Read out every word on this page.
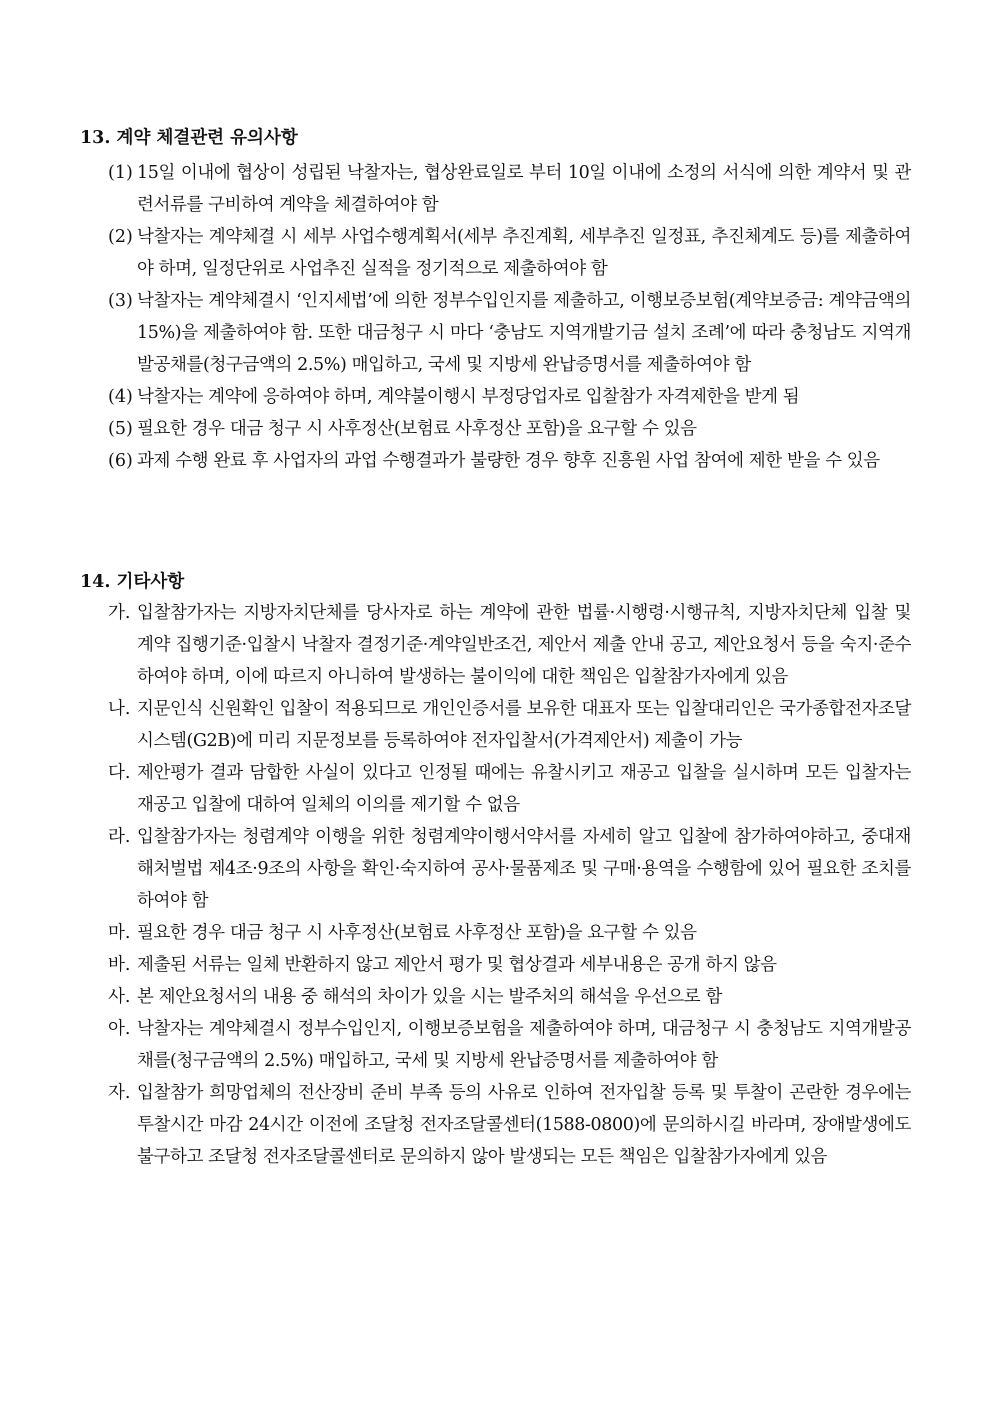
13. 계약 체결관련 유의사항

(1) 15일 이내에 협상이 성립된 낙찰자는, 협상완료일로 부터 10일 이내에 소정의 서식에 의한 계약서 및 관련서류를 구비하여 계약을 체결하여야 함
(2) 낙찰자는 계약체결 시 세부 사업수행계획서(세부 추진계획, 세부추진 일정표, 추진체계도 등)를 제출하여야 하며, 일정단위로 사업추진 실적을 정기적으로 제출하여야 함
(3) 낙찰자는 계약체결시 ‘인지세법’에 의한 정부수입인지를 제출하고, 이행보증보험(계약보증금: 계약금액의 15%)을 제출하여야 함. 또한 대금청구 시 마다 ‘충남도 지역개발기금 설치 조례’에 따라 충청남도 지역개발공채를(청구금액의 2.5%) 매입하고, 국세 및 지방세 완납증명서를 제출하여야 함
(4) 낙찰자는 계약에 응하여야 하며, 계약불이행시 부정당업자로 입찰참가 자격제한을 받게 됨
(5) 필요한 경우 대금 청구 시 사후정산(보험료 사후정산 포함)을 요구할 수 있음
(6) 과제 수행 완료 후 사업자의 과업 수행결과가 불량한 경우 향후 진흥원 사업 참여에 제한 받을 수 있음

14. 기타사항

가. 입찰참가자는 지방자치단체를 당사자로 하는 계약에 관한 법률·시행령·시행규칙, 지방자치단체 입찰 및 계약 집행기준·입찰시 낙찰자 결정기준·계약일반조건, 제안서 제출 안내 공고, 제안요청서 등을 숙지·준수하여야 하며, 이에 따르지 아니하여 발생하는 불이익에 대한 책임은 입찰참가자에게 있음
나. 지문인식 신원확인 입찰이 적용되므로 개인인증서를 보유한 대표자 또는 입찰대리인은 국가종합전자조달시스템(G2B)에 미리 지문정보를 등록하여야 전자입찰서(가격제안서) 제출이 가능
다. 제안평가 결과 담합한 사실이 있다고 인정될 때에는 유찰시키고 재공고 입찰을 실시하며 모든 입찰자는 재공고 입찰에 대하여 일체의 이의를 제기할 수 없음
라. 입찰참가자는 청렴계약 이행을 위한 청렴계약이행서약서를 자세히 알고 입찰에 참가하여야하고, 중대재해처벌법 제4조·9조의 사항을 확인·숙지하여 공사·물품제조 및 구매·용역을 수행함에 있어 필요한 조치를 하여야 함
마. 필요한 경우 대금 청구 시 사후정산(보험료 사후정산 포함)을 요구할 수 있음
바. 제출된 서류는 일체 반환하지 않고 제안서 평가 및 협상결과 세부내용은 공개 하지 않음
사. 본 제안요청서의 내용 중 해석의 차이가 있을 시는 발주처의 해석을 우선으로 함
아. 낙찰자는 계약체결시 정부수입인지, 이행보증보험을 제출하여야 하며, 대금청구 시 충청남도 지역개발공채를(청구금액의 2.5%) 매입하고, 국세 및 지방세 완납증명서를 제출하여야 함
자. 입찰참가 희망업체의 전산장비 준비 부족 등의 사유로 인하여 전자입찰 등록 및 투찰이 곤란한 경우에는 투찰시간 마감 24시간 이전에 조달청 전자조달콜센터(1588-0800)에 문의하시길 바라며, 장애발생에도 불구하고 조달청 전자조달콜센터로 문의하지 않아 발생되는 모든 책임은 입찰참가자에게 있음
